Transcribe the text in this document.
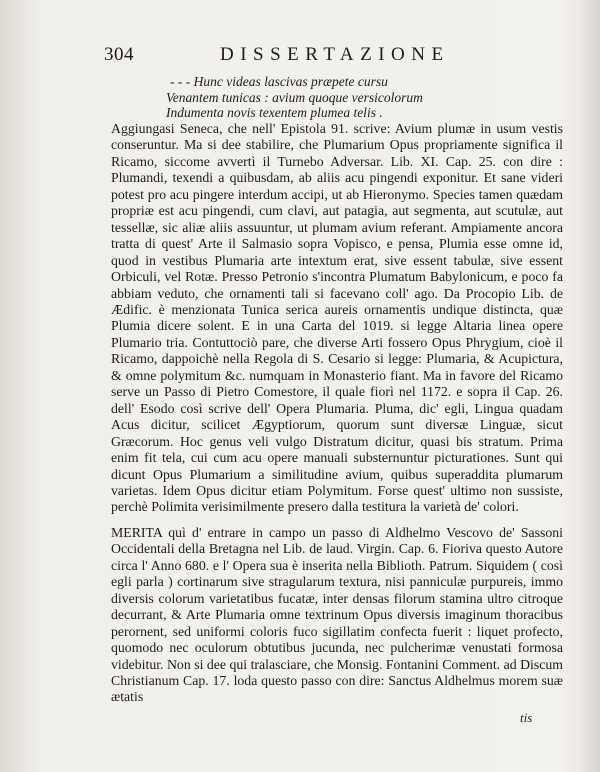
304	DISSERTAZIONE
- - - Hunc videas lascivas præpete cursu
Venantem tunicas : avium quoque versicolorum
Indumenta novis texentem plumea telis .

Aggiungasi Seneca, che nell' Epistola 91. scrive: Avium plumæ in usum vestis conseruntur. Ma si dee stabilire, che Plumarium Opus propriamente significa il Ricamo, siccome avvertì il Turnebo Adversar. Lib. XI. Cap. 25. con dire : Plumandi, texendi a quibusdam, ab aliis acu pingendi exponitur. Et sane videri potest pro acu pingere interdum accipi, ut ab Hieronymo. Species tamen quædam propriæ est acu pingendi, cum clavi, aut patagia, aut segmenta, aut scutulæ, aut tessellæ, sic aliæ aliis assuuntur, ut plumam avium referant. Ampiamente ancora tratta di quest' Arte il Salmasio sopra Vopisco, e pensa, Plumia esse omne id, quod in vestibus Plumaria arte intextum erat, sive essent tabulæ, sive essent Orbiculi, vel Rotæ. Presso Petronio s'incontra Plumatum Babylonicum, e poco fa abbiam veduto, che ornamenti tali si facevano coll' ago. Da Procopio Lib. de Ædific. è menzionata Tunica serica aureis ornamentis undique distincta, quæ Plumia dicere solent. E in una Carta del 1019. si legge Altaria linea opere Plumario tria. Contuttociò pare, che diverse Arti fossero Opus Phrygium, cioè il Ricamo, dappoichè nella Regola di S. Cesario si legge: Plumaria, & Acupictura, & omne polymitum &c. numquam in Monasterio fiant. Ma in favore del Ricamo serve un Passo di Pietro Comestore, il quale fiorì nel 1172. e sopra il Cap. 26. dell' Esodo così scrive dell' Opera Plumaria. Pluma, dic' egli, Lingua quadam Acus dicitur, scilicet Ægyptiorum, quorum sunt diversæ Linguæ, sicut Græcorum. Hoc genus veli vulgo Distratum dicitur, quasi bis stratum. Prima enim fit tela, cui cum acu opere manuali substernuntur picturationes. Sunt qui dicunt Opus Plumarium a similitudine avium, quibus superaddita plumarum varietas. Idem Opus dicitur etiam Polymitum. Forse quest' ultimo non sussiste, perchè Polimita verisimilmente presero dalla testitura la varietà de' colori.

MERITA quì d' entrare in campo un passo di Aldhelmo Vescovo de' Sassoni Occidentali della Bretagna nel Lib. de laud. Virgin. Cap. 6. Fioriva questo Autore circa l' Anno 680. e l' Opera sua è inserita nella Biblioth. Patrum. Siquidem ( così egli parla ) cortinarum sive stragularum textura, nisi panniculæ purpureis, immo diversis colorum varietatibus fucatæ, inter densas filorum stamina ultro citroque decurrant, & Arte Plumaria omne textrinum Opus diversis imaginum thoracibus perornent, sed uniformi coloris fuco sigillatim confecta fuerit : liquet profecto, quomodo nec oculorum obtutibus jucunda, nec pulcherimæ venustati formosa videbitur. Non si dee qui tralasciare, che Monsig. Fontanini Comment. ad Discum Christianum Cap. 17. loda questo passo con dire: Sanctus Aldhelmus morem suæ ætatis

tis
